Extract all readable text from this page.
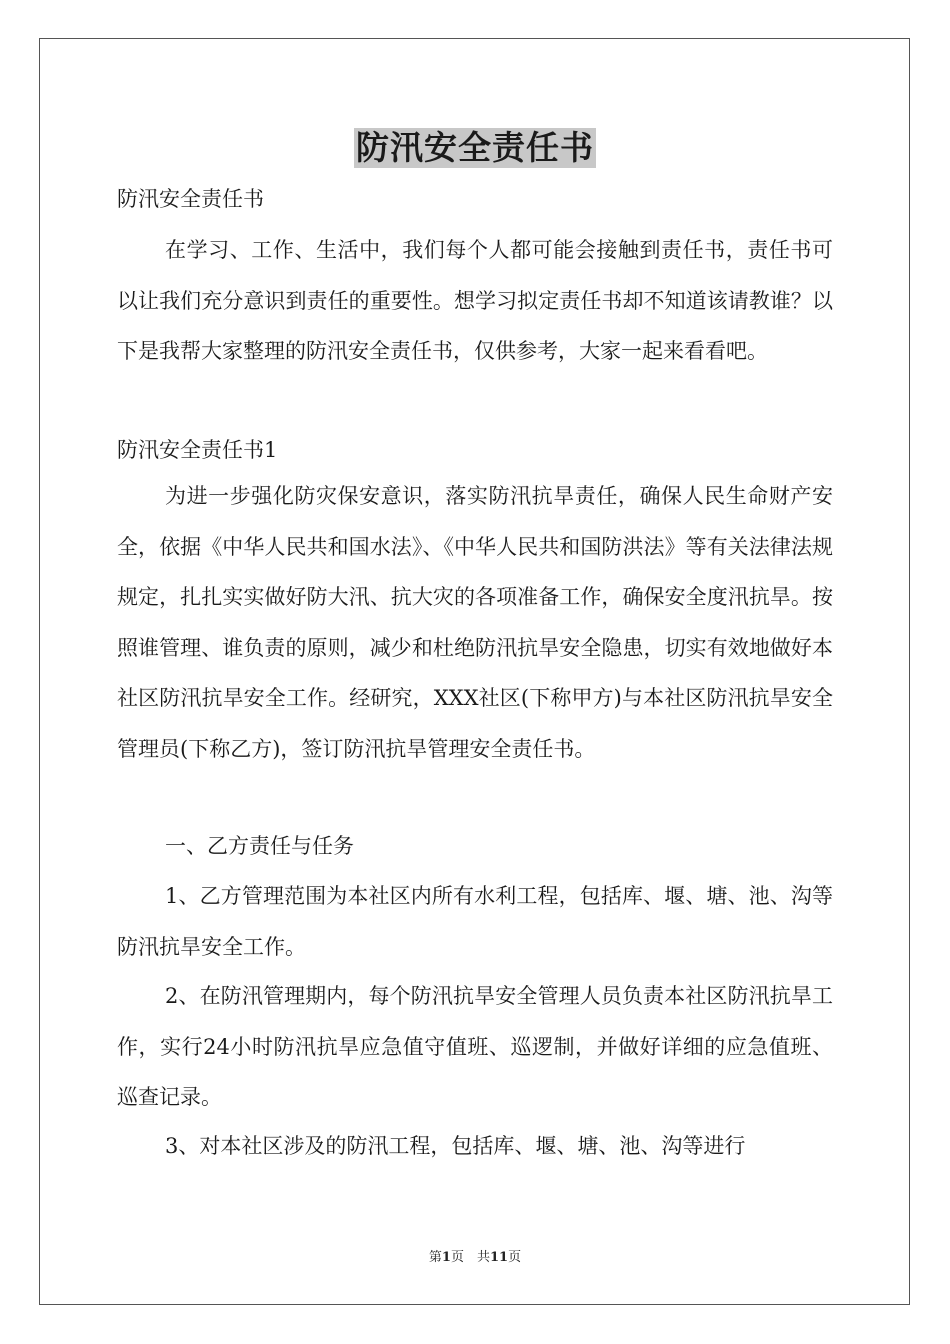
防汛安全责任书

防汛安全责任书

在学习、工作、生活中，我们每个人都可能会接触到责任书，责任书可以让我们充分意识到责任的重要性。想学习拟定责任书却不知道该请教谁？以下是我帮大家整理的防汛安全责任书，仅供参考，大家一起来看看吧。

防汛安全责任书1

为进一步强化防灾保安意识，落实防汛抗旱责任，确保人民生命财产安全，依据《中华人民共和国水法》、《中华人民共和国防洪法》等有关法律法规规定，扎扎实实做好防大汛、抗大灾的各项准备工作，确保安全度汛抗旱。按照谁管理、谁负责的原则，减少和杜绝防汛抗旱安全隐患，切实有效地做好本社区防汛抗旱安全工作。经研究，XXX社区(下称甲方)与本社区防汛抗旱安全管理员(下称乙方)，签订防汛抗旱管理安全责任书。

一、乙方责任与任务

1、乙方管理范围为本社区内所有水利工程，包括库、堰、塘、池、沟等防汛抗旱安全工作。

2、在防汛管理期内，每个防汛抗旱安全管理人员负责本社区防汛抗旱工作，实行24小时防汛抗旱应急值守值班、巡逻制，并做好详细的应急值班、巡查记录。

3、对本社区涉及的防汛工程，包括库、堰、塘、池、沟等进行

第1页　共11页
